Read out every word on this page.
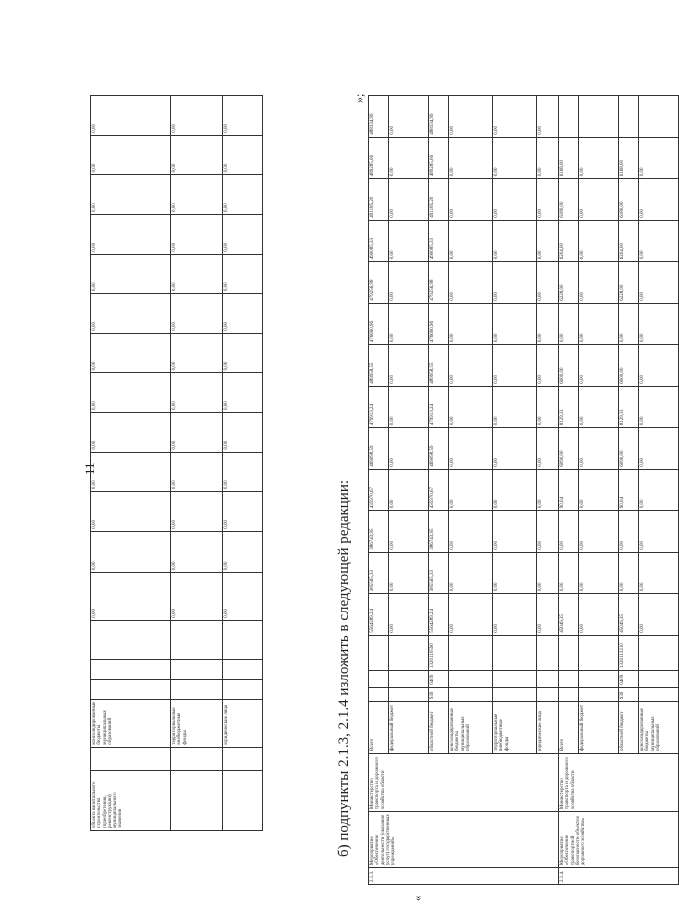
11
объекта капитального строительства (приобретения, реконструкции) муниципального значения		консолидированные бюджеты муниципальных образований				0,00	0,00	0,00	0,00	0,00	0,00	0,00	0,00	0,00	0,00	0,00	0,00	0,00
		территориальные внебюджетные фонды				0,00	0,00	0,00	0,00	0,00	0,00	0,00	0,00	0,00	0,00	0,00	0,00	0,00
		юридические лица				0,00	0,00	0,00	0,00	0,00	0,00	0,00	0,00	0,00	0,00	0,00	0,00	0,00
»;
б) подпункты 2.1.3, 2.1.4 изложить в следующей редакции:
«
2.1.3.	Мероприятие «Обеспечение деятельности (оказание услуг) государственных учреждений»	Министерство транспорта и дорожного хозяйства области	Всего				5564289,24	385565,33	386743,95	435970,67	469098,59	479913,24	489958,55	476690,96	479256,98	490085,33	491185,20	489285,06	488334,99
			федеральный бюджет				0,00	0,00	0,00	0,00	0,00	0,00	0,00	0,00	0,00	0,00	0,00	0,00	0,00
			областной бюджет	939	0409	1320110590	5564289,24	385565,33	386743,95	435970,67	469098,59	479913,24	489958,55	476690,96	479256,98	490085,33	491185,20	489285,06	488334,99
			консолидированные бюджеты муниципальных образований				0,00	0,00	0,00	0,00	0,00	0,00	0,00	0,00	0,00	0,00	0,00	0,00	0,00
			территориальные внебюджетные фонды				0,00	0,00	0,00	0,00	0,00	0,00	0,00	0,00	0,00	0,00	0,00	0,00	0,00
			юридические лица				0,00	0,00	0,00	0,00	0,00	0,00	0,00	0,00	0,00	0,00	0,00	0,00	0,00
2.1.4.	Мероприятие «Обеспечение транспортной безопасности объектов дорожного хозяйства»	Министерство транспорта и дорожного хозяйства области	Всего				45049,35	0,00	0,00	90,04	6090,00	8129,31	6000,00	0,00	6228,00	6204,00	6180,00	6168,00	
			федеральный бюджет				0,00	0,00	0,00	0,00	0,00	0,00	0,00	0,00	0,00	0,00	0,00	0,00	
			областной бюджет	939	0409	1320113210	45049,35	0,00	0,00	90,04	6090,00	8129,31	6000,00	0,00	6228,00	6204,00	6180,00	6168,00	
			консолидированные бюджеты муниципальных образований				0,00	0,00	0,00	0,00	0,00	0,00	0,00	0,00	0,00	0,00	0,00	0,00	
